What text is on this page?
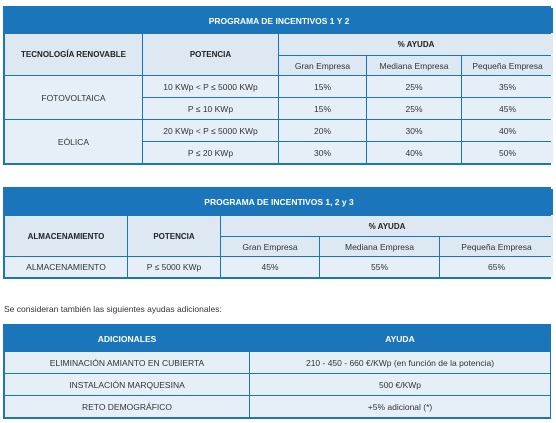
PROGRAMA DE INCENTIVOS 1 Y 2				
TECNOLOGÍA RENOVABLE	POTENCIA	% AYUDA		
		Gran Empresa	Mediana Empresa	Pequeña Empresa
FOTOVOLTAICA	10 KWp < P ≤ 5000 KWp	15%	25%	35%
	P ≤ 10 KWp	15%	25%	45%
EÓLICA	20 KWp < P ≤ 5000 KWp	20%	30%	40%
	P ≤ 20 KWp	30%	40%	50%
PROGRAMA DE INCENTIVOS 1, 2 y 3				
ALMACENAMIENTO	POTENCIA	% AYUDA		
		Gran Empresa	Mediana Empresa	Pequeña Empresa
ALMACENAMIENTO	P ≤ 5000 KWp	45%	55%	65%
Se consideran también las siguientes ayudas adicionales:
ADICIONALES	AYUDA
ELIMINACIÓN AMIANTO EN CUBIERTA	210 - 450 - 660 €/KWp (en función de la potencia)
INSTALACIÓN MARQUESINA	500 €/KWp
RETO DEMOGRÁFICO	+5% adicional (*)
